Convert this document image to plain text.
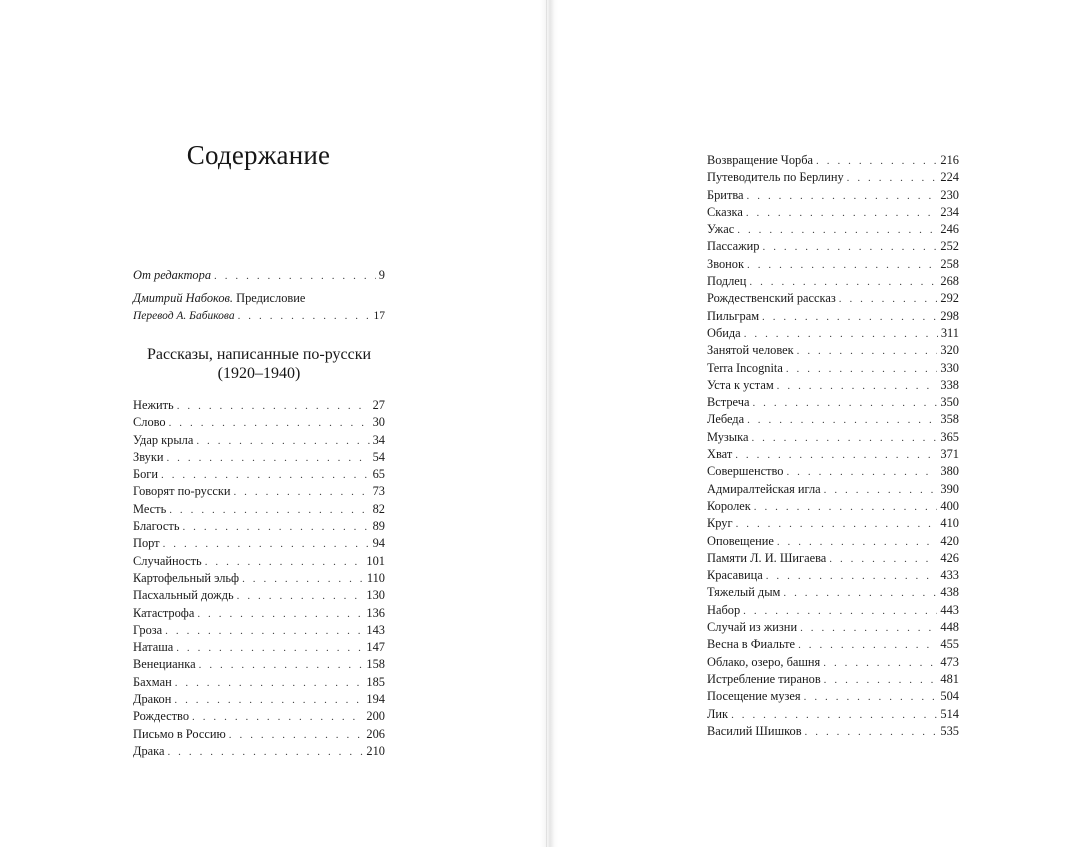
Содержание
От редактора . . .	9
Дмитрий Набоков. Предисловие
Перевод А. Бабикова . . .	17
Рассказы, написанные по-русски
(1920–1940)
Нежить . . .	27
Слово . . .	30
Удар крыла . . .	34
Звуки . . .	54
Боги . . .	65
Говорят по-русски . . .	73
Месть . . .	82
Благость . . .	89
Порт . . .	94
Случайность . . .	101
Картофельный эльф . . .	110
Пасхальный дождь . . .	130
Катастрофа . . .	136
Гроза . . .	143
Наташа . . .	147
Венецианка . . .	158
Бахман . . .	185
Дракон . . .	194
Рождество . . .	200
Письмо в Россию . . .	206
Драка . . .	210
Возвращение Чорба . . .	216
Путеводитель по Берлину . . .	224
Бритва . . .	230
Сказка . . .	234
Ужас . . .	246
Пассажир . . .	252
Звонок . . .	258
Подлец . . .	268
Рождественский рассказ . . .	292
Пильграм . . .	298
Обида . . .	311
Занятой человек . . .	320
Terra Incognita . . .	330
Уста к устам . . .	338
Встреча . . .	350
Лебеда . . .	358
Музыка . . .	365
Хват . . .	371
Совершенство . . .	380
Адмиралтейская игла . . .	390
Королек . . .	400
Круг . . .	410
Оповещение . . .	420
Памяти Л. И. Шигаева . . .	426
Красавица . . .	433
Тяжелый дым . . .	438
Набор . . .	443
Случай из жизни . . .	448
Весна в Фиальте . . .	455
Облако, озеро, башня . . .	473
Истребление тиранов . . .	481
Посещение музея . . .	504
Лик . . .	514
Василий Шишков . . .	535
